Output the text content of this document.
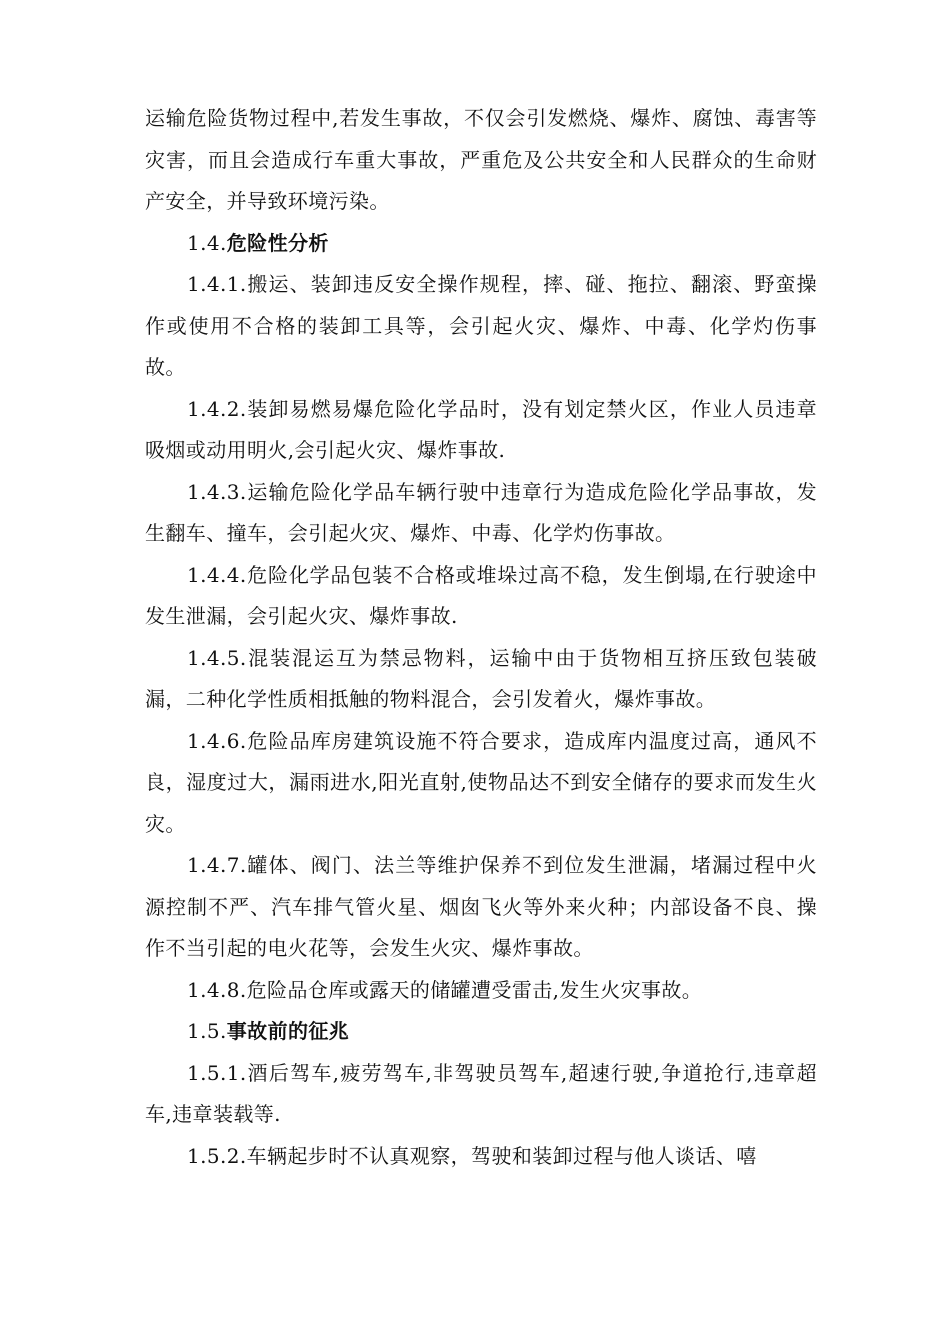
运输危险货物过程中,若发生事故，不仅会引发燃烧、爆炸、腐蚀、毒害等灾害，而且会造成行车重大事故，严重危及公共安全和人民群众的生命财产安全，并导致环境污染。

1.4.危险性分析

1.4.1.搬运、装卸违反安全操作规程，摔、碰、拖拉、翻滚、野蛮操作或使用不合格的装卸工具等，会引起火灾、爆炸、中毒、化学灼伤事故。

1.4.2.装卸易燃易爆危险化学品时，没有划定禁火区，作业人员违章吸烟或动用明火,会引起火灾、爆炸事故.

1.4.3.运输危险化学品车辆行驶中违章行为造成危险化学品事故，发生翻车、撞车，会引起火灾、爆炸、中毒、化学灼伤事故。

1.4.4.危险化学品包装不合格或堆垛过高不稳，发生倒塌,在行驶途中发生泄漏，会引起火灾、爆炸事故.

1.4.5.混装混运互为禁忌物料，运输中由于货物相互挤压致包装破漏，二种化学性质相抵触的物料混合，会引发着火，爆炸事故。

1.4.6.危险品库房建筑设施不符合要求，造成库内温度过高，通风不良，湿度过大，漏雨进水,阳光直射,使物品达不到安全储存的要求而发生火灾。

1.4.7.罐体、阀门、法兰等维护保养不到位发生泄漏，堵漏过程中火源控制不严、汽车排气管火星、烟囱飞火等外来火种；内部设备不良、操作不当引起的电火花等，会发生火灾、爆炸事故。

1.4.8.危险品仓库或露天的储罐遭受雷击,发生火灾事故。

1.5.事故前的征兆

1.5.1.酒后驾车,疲劳驾车,非驾驶员驾车,超速行驶,争道抢行,违章超车,违章装载等.

1.5.2.车辆起步时不认真观察，驾驶和装卸过程与他人谈话、嘻
